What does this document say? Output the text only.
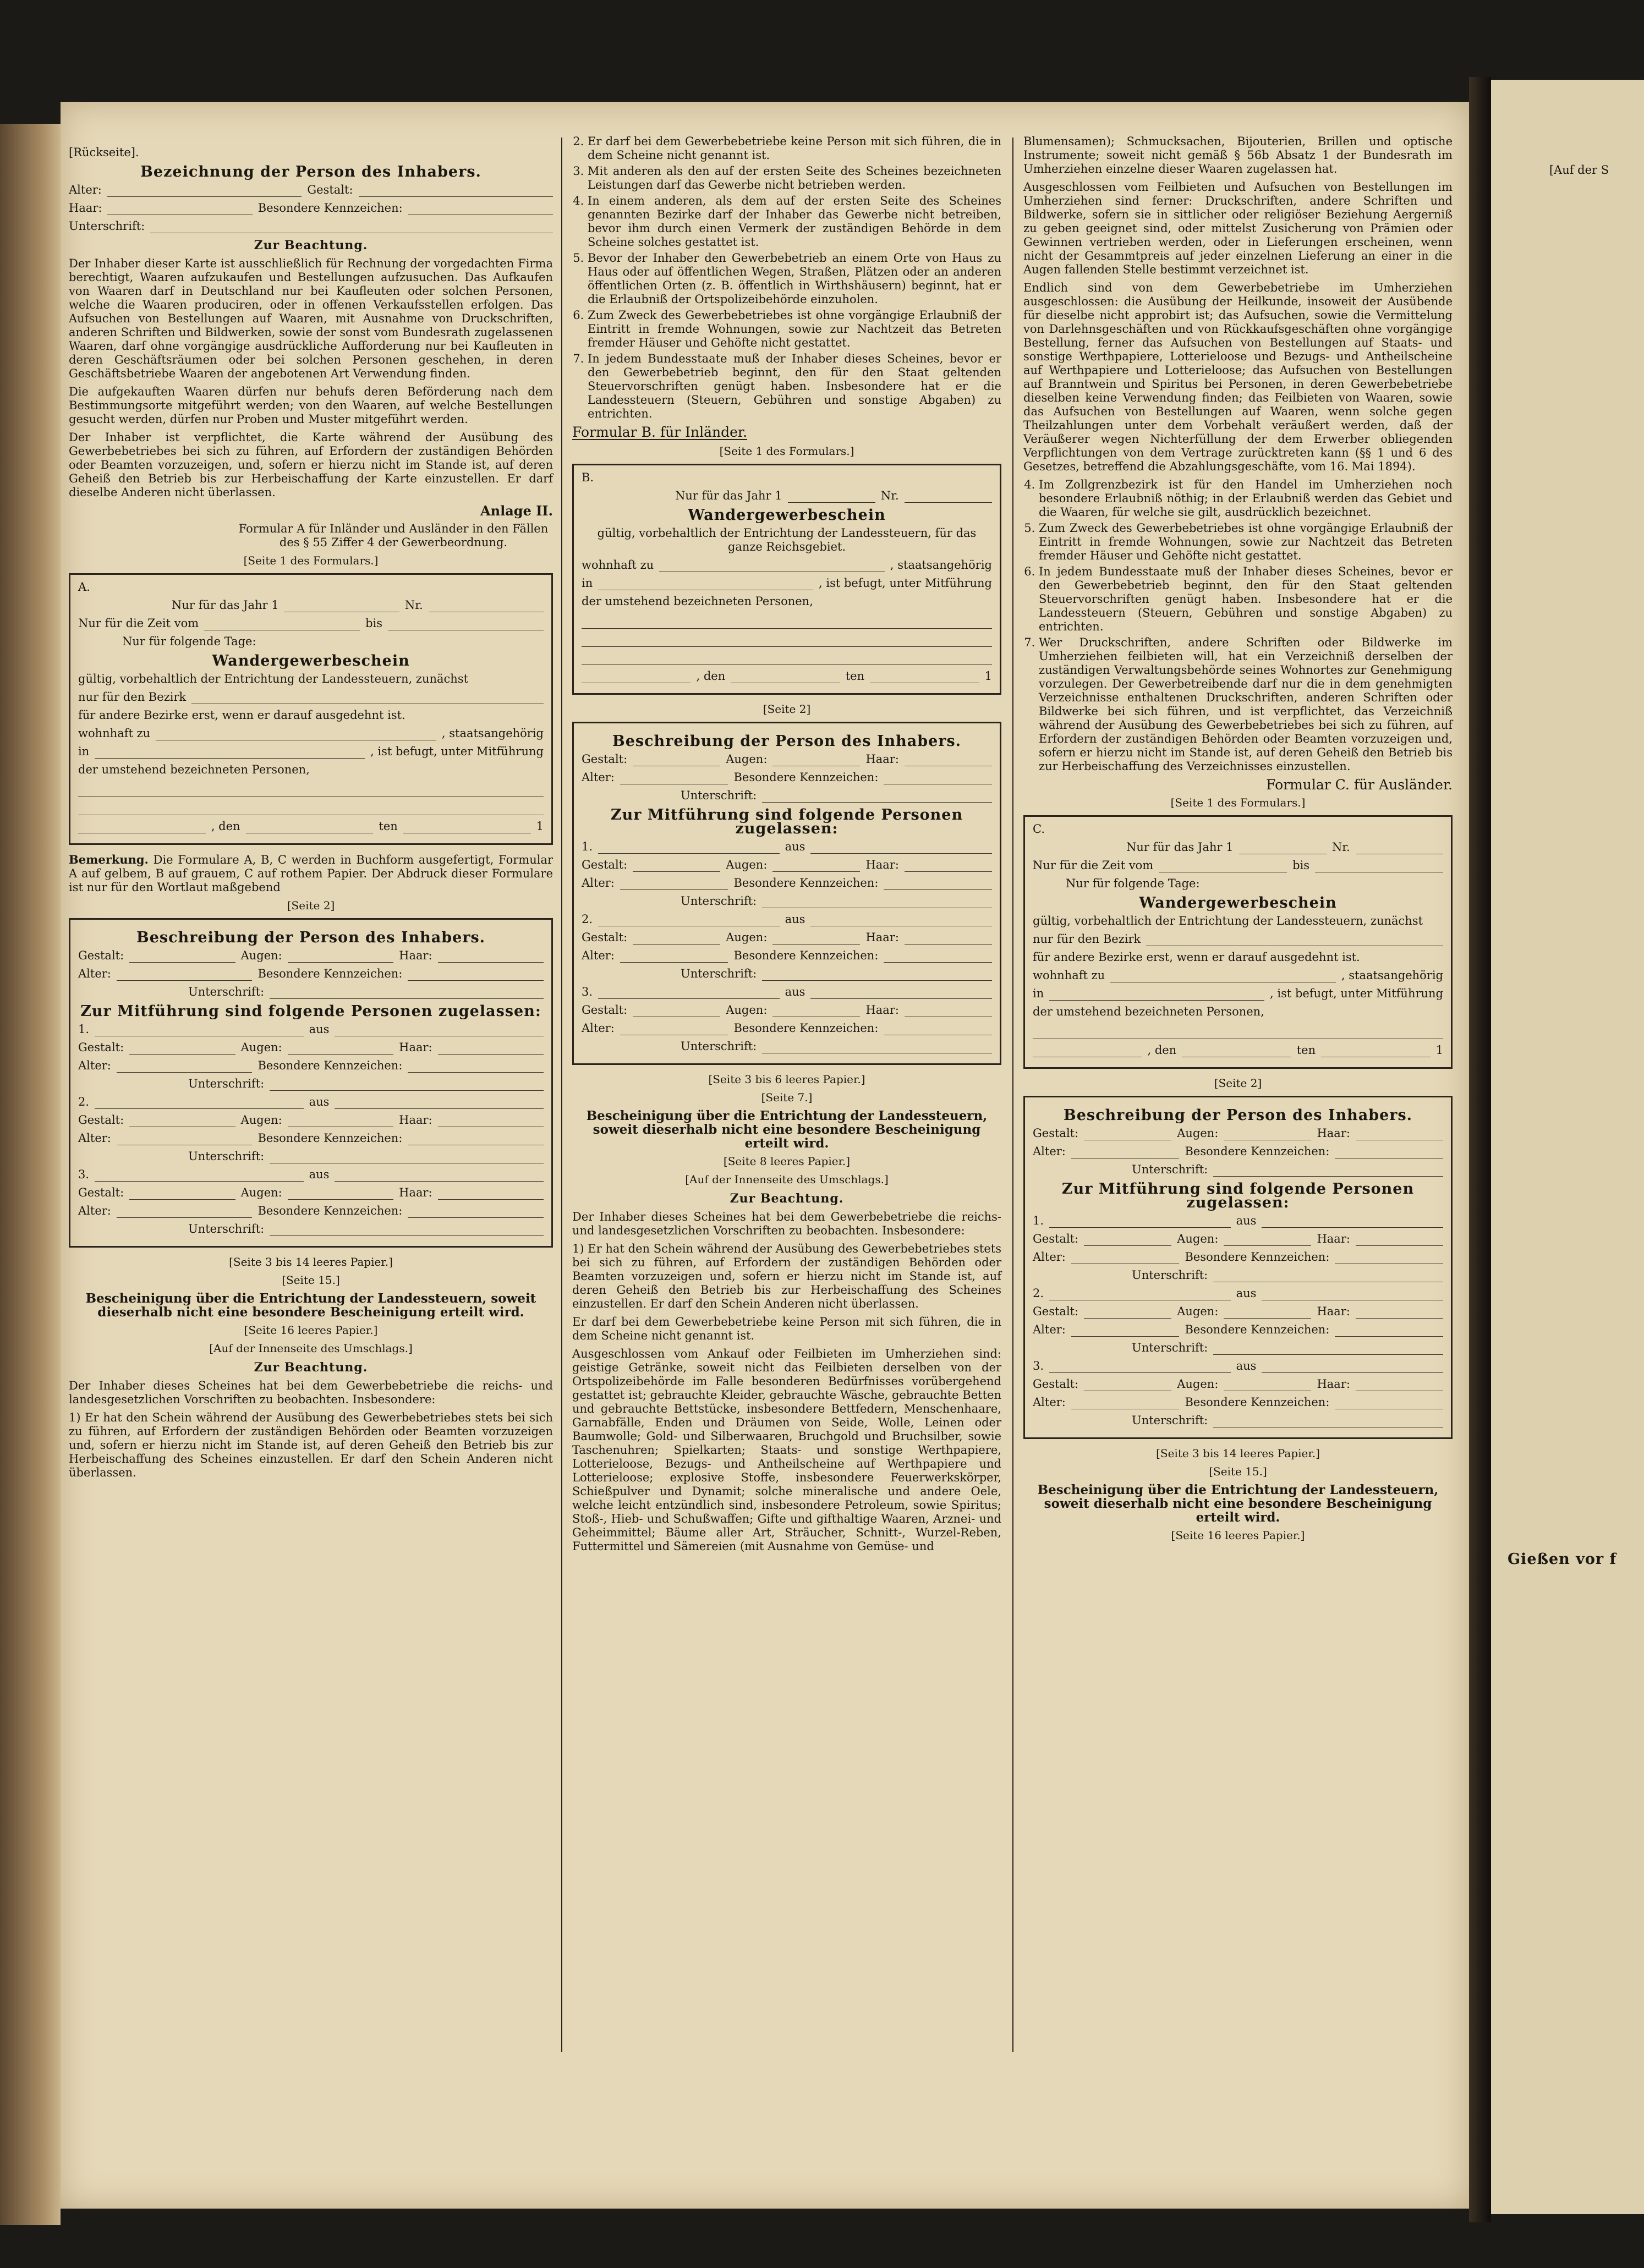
[Auf der S

Gießen vor f

[Rückseite].

Bezeichnung der Person des Inhabers.

Alter:	Gestalt:
Haar:	Besondere Kennzeichen:
Unterschrift:

Zur Beachtung.

Der Inhaber dieser Karte ist ausschließlich für Rechnung der vorgedachten Firma berechtigt, Waaren aufzukaufen und Bestellungen aufzusuchen. Das Aufkaufen von Waaren darf in Deutschland nur bei Kaufleuten oder solchen Personen, welche die Waaren produciren, oder in offenen Verkaufsstellen erfolgen. Das Aufsuchen von Bestellungen auf Waaren, mit Ausnahme von Druckschriften, anderen Schriften und Bildwerken, sowie der sonst vom Bundesrath zugelassenen Waaren, darf ohne vorgängige ausdrückliche Aufforderung nur bei Kaufleuten in deren Geschäftsräumen oder bei solchen Personen geschehen, in deren Geschäftsbetriebe Waaren der angebotenen Art Verwendung finden.

Die aufgekauften Waaren dürfen nur behufs deren Beförderung nach dem Bestimmungsorte mitgeführt werden; von den Waaren, auf welche Bestellungen gesucht werden, dürfen nur Proben und Muster mitgeführt werden.

Der Inhaber ist verpflichtet, die Karte während der Ausübung des Gewerbebetriebes bei sich zu führen, auf Erfordern der zuständigen Behörden oder Beamten vorzuzeigen, und, sofern er hierzu nicht im Stande ist, auf deren Geheiß den Betrieb bis zur Herbeischaffung der Karte einzustellen. Er darf dieselbe Anderen nicht überlassen.

Anlage II.

Formular A für Inländer und Ausländer in den Fällen des § 55 Ziffer 4 der Gewerbeordnung.

[Seite 1 des Formulars.]

A.
Nur für das Jahr 1	Nr.
Nur für die Zeit vom	bis

Nur für folgende Tage:

Wandergewerbeschein

gültig, vorbehaltlich der Entrichtung der Landessteuern, zunächst

nur für den Bezirk

für andere Bezirke erst, wenn er darauf ausgedehnt ist.

wohnhaft zu	, staatsangehörig
in	, ist befugt, unter Mitführung

der umstehend bezeichneten Personen,

, den	ten	1

Bemerkung. Die Formulare A, B, C werden in Buchform ausgefertigt, Formular A auf gelbem, B auf grauem, C auf rothem Papier. Der Abdruck dieser Formulare ist nur für den Wortlaut maßgebend

[Seite 2]

Beschreibung der Person des Inhabers.

Gestalt:	Augen:	Haar:
Alter:	Besondere Kennzeichen:
Unterschrift:

Zur Mitführung sind folgende Personen zugelassen:

1.	aus
Gestalt:	Augen:	Haar:
Alter:	Besondere Kennzeichen:
Unterschrift:
2.	aus
Gestalt:	Augen:	Haar:
Alter:	Besondere Kennzeichen:
Unterschrift:
3.	aus
Gestalt:	Augen:	Haar:
Alter:	Besondere Kennzeichen:
Unterschrift:

[Seite 3 bis 14 leeres Papier.]

[Seite 15.]

Bescheinigung über die Entrichtung der Landessteuern, soweit dieserhalb nicht eine besondere Bescheinigung erteilt wird.

[Seite 16 leeres Papier.]

[Auf der Innenseite des Umschlags.]

Zur Beachtung.

Der Inhaber dieses Scheines hat bei dem Gewerbebetriebe die reichs- und landesgesetzlichen Vorschriften zu beobachten. Insbesondere:

1) Er hat den Schein während der Ausübung des Gewerbebetriebes stets bei sich zu führen, auf Erfordern der zuständigen Behörden oder Beamten vorzuzeigen und, sofern er hierzu nicht im Stande ist, auf deren Geheiß den Betrieb bis zur Herbeischaffung des Scheines einzustellen. Er darf den Schein Anderen nicht überlassen.

2. Er darf bei dem Gewerbebetriebe keine Person mit sich führen, die in dem Scheine nicht genannt ist.
3. Mit anderen als den auf der ersten Seite des Scheines bezeichneten Leistungen darf das Gewerbe nicht betrieben werden.
4. In einem anderen, als dem auf der ersten Seite des Scheines genannten Bezirke darf der Inhaber das Gewerbe nicht betreiben, bevor ihm durch einen Vermerk der zuständigen Behörde in dem Scheine solches gestattet ist.
5. Bevor der Inhaber den Gewerbebetrieb an einem Orte von Haus zu Haus oder auf öffentlichen Wegen, Straßen, Plätzen oder an anderen öffentlichen Orten (z. B. öffentlich in Wirthshäusern) beginnt, hat er die Erlaubniß der Ortspolizeibehörde einzuholen.
6. Zum Zweck des Gewerbebetriebes ist ohne vorgängige Erlaubniß der Eintritt in fremde Wohnungen, sowie zur Nachtzeit das Betreten fremder Häuser und Gehöfte nicht gestattet.
7. In jedem Bundesstaate muß der Inhaber dieses Scheines, bevor er den Gewerbebetrieb beginnt, den für den Staat geltenden Steuervorschriften genügt haben. Insbesondere hat er die Landessteuern (Steuern, Gebühren und sonstige Abgaben) zu entrichten.

Formular B. für Inländer.

[Seite 1 des Formulars.]

B.
Nur für das Jahr 1	Nr.

Wandergewerbeschein

gültig, vorbehaltlich der Entrichtung der Landessteuern, für das ganze Reichsgebiet.

wohnhaft zu	, staatsangehörig
in	, ist befugt, unter Mitführung

der umstehend bezeichneten Personen,

, den	ten	1

[Seite 2]

Beschreibung der Person des Inhabers.

Gestalt:	Augen:	Haar:
Alter:	Besondere Kennzeichen:
Unterschrift:

Zur Mitführung sind folgende Personen zugelassen:

1.	aus
Gestalt:	Augen:	Haar:
Alter:	Besondere Kennzeichen:
Unterschrift:
2.	aus
Gestalt:	Augen:	Haar:
Alter:	Besondere Kennzeichen:
Unterschrift:
3.	aus
Gestalt:	Augen:	Haar:
Alter:	Besondere Kennzeichen:
Unterschrift:

[Seite 3 bis 6 leeres Papier.]

[Seite 7.]

Bescheinigung über die Entrichtung der Landessteuern, soweit dieserhalb nicht eine besondere Bescheinigung erteilt wird.

[Seite 8 leeres Papier.]

[Auf der Innenseite des Umschlags.]

Zur Beachtung.

Der Inhaber dieses Scheines hat bei dem Gewerbebetriebe die reichs- und landesgesetzlichen Vorschriften zu beobachten. Insbesondere:

1) Er hat den Schein während der Ausübung des Gewerbebetriebes stets bei sich zu führen, auf Erfordern der zuständigen Behörden oder Beamten vorzuzeigen und, sofern er hierzu nicht im Stande ist, auf deren Geheiß den Betrieb bis zur Herbeischaffung des Scheines einzustellen. Er darf den Schein Anderen nicht überlassen.

Er darf bei dem Gewerbebetriebe keine Person mit sich führen, die in dem Scheine nicht genannt ist.

Ausgeschlossen vom Ankauf oder Feilbieten im Umherziehen sind: geistige Getränke, soweit nicht das Feilbieten derselben von der Ortspolizeibehörde im Falle besonderen Bedürfnisses vorübergehend gestattet ist; gebrauchte Kleider, gebrauchte Wäsche, gebrauchte Betten und gebrauchte Bettstücke, insbesondere Bettfedern, Menschenhaare, Garnabfälle, Enden und Dräumen von Seide, Wolle, Leinen oder Baumwolle; Gold- und Silberwaaren, Bruchgold und Bruchsilber, sowie Taschenuhren; Spielkarten; Staats- und sonstige Werthpapiere, Lotterieloose, Bezugs- und Antheilscheine auf Werthpapiere und Lotterieloose; explosive Stoffe, insbesondere Feuerwerkskörper, Schießpulver und Dynamit; solche mineralische und andere Oele, welche leicht entzündlich sind, insbesondere Petroleum, sowie Spiritus; Stoß-, Hieb- und Schußwaffen; Gifte und gifthaltige Waaren, Arznei- und Geheimmittel; Bäume aller Art, Sträucher, Schnitt-, Wurzel-Reben, Futtermittel und Sämereien (mit Ausnahme von Gemüse- und

Blumensamen); Schmucksachen, Bijouterien, Brillen und optische Instrumente; soweit nicht gemäß § 56b Absatz 1 der Bundesrath im Umherziehen einzelne dieser Waaren zugelassen hat.

Ausgeschlossen vom Feilbieten und Aufsuchen von Bestellungen im Umherziehen sind ferner: Druckschriften, andere Schriften und Bildwerke, sofern sie in sittlicher oder religiöser Beziehung Aergerniß zu geben geeignet sind, oder mittelst Zusicherung von Prämien oder Gewinnen vertrieben werden, oder in Lieferungen erscheinen, wenn nicht der Gesammtpreis auf jeder einzelnen Lieferung an einer in die Augen fallenden Stelle bestimmt verzeichnet ist.

Endlich sind von dem Gewerbebetriebe im Umherziehen ausgeschlossen: die Ausübung der Heilkunde, insoweit der Ausübende für dieselbe nicht approbirt ist; das Aufsuchen, sowie die Vermittelung von Darlehnsgeschäften und von Rückkaufsgeschäften ohne vorgängige Bestellung, ferner das Aufsuchen von Bestellungen auf Staats- und sonstige Werthpapiere, Lotterieloose und Bezugs- und Antheilscheine auf Werthpapiere und Lotterieloose; das Aufsuchen von Bestellungen auf Branntwein und Spiritus bei Personen, in deren Gewerbebetriebe dieselben keine Verwendung finden; das Feilbieten von Waaren, sowie das Aufsuchen von Bestellungen auf Waaren, wenn solche gegen Theilzahlungen unter dem Vorbehalt veräußert werden, daß der Veräußerer wegen Nichterfüllung der dem Erwerber obliegenden Verpflichtungen von dem Vertrage zurücktreten kann (§§ 1 und 6 des Gesetzes, betreffend die Abzahlungsgeschäfte, vom 16. Mai 1894).

4. Im Zollgrenzbezirk ist für den Handel im Umherziehen noch besondere Erlaubniß nöthig; in der Erlaubniß werden das Gebiet und die Waaren, für welche sie gilt, ausdrücklich bezeichnet.
5. Zum Zweck des Gewerbebetriebes ist ohne vorgängige Erlaubniß der Eintritt in fremde Wohnungen, sowie zur Nachtzeit das Betreten fremder Häuser und Gehöfte nicht gestattet.
6. In jedem Bundesstaate muß der Inhaber dieses Scheines, bevor er den Gewerbebetrieb beginnt, den für den Staat geltenden Steuervorschriften genügt haben. Insbesondere hat er die Landessteuern (Steuern, Gebühren und sonstige Abgaben) zu entrichten.
7. Wer Druckschriften, andere Schriften oder Bildwerke im Umherziehen feilbieten will, hat ein Verzeichniß derselben der zuständigen Verwaltungsbehörde seines Wohnortes zur Genehmigung vorzulegen. Der Gewerbetreibende darf nur die in dem genehmigten Verzeichnisse enthaltenen Druckschriften, anderen Schriften oder Bildwerke bei sich führen, und ist verpflichtet, das Verzeichniß während der Ausübung des Gewerbebetriebes bei sich zu führen, auf Erfordern der zuständigen Behörden oder Beamten vorzuzeigen und, sofern er hierzu nicht im Stande ist, auf deren Geheiß den Betrieb bis zur Herbeischaffung des Verzeichnisses einzustellen.

Formular C. für Ausländer.

[Seite 1 des Formulars.]

C.
Nur für das Jahr 1	Nr.
Nur für die Zeit vom	bis

Nur für folgende Tage:

Wandergewerbeschein

gültig, vorbehaltlich der Entrichtung der Landessteuern, zunächst

nur für den Bezirk

für andere Bezirke erst, wenn er darauf ausgedehnt ist.

wohnhaft zu	, staatsangehörig
in	, ist befugt, unter Mitführung

der umstehend bezeichneten Personen,

, den	ten	1

[Seite 2]

Beschreibung der Person des Inhabers.

Gestalt:	Augen:	Haar:
Alter:	Besondere Kennzeichen:
Unterschrift:

Zur Mitführung sind folgende Personen zugelassen:

1.	aus
Gestalt:	Augen:	Haar:
Alter:	Besondere Kennzeichen:
Unterschrift:
2.	aus
Gestalt:	Augen:	Haar:
Alter:	Besondere Kennzeichen:
Unterschrift:
3.	aus
Gestalt:	Augen:	Haar:
Alter:	Besondere Kennzeichen:
Unterschrift:

[Seite 3 bis 14 leeres Papier.]

[Seite 15.]

Bescheinigung über die Entrichtung der Landessteuern, soweit dieserhalb nicht eine besondere Bescheinigung erteilt wird.

[Seite 16 leeres Papier.]
